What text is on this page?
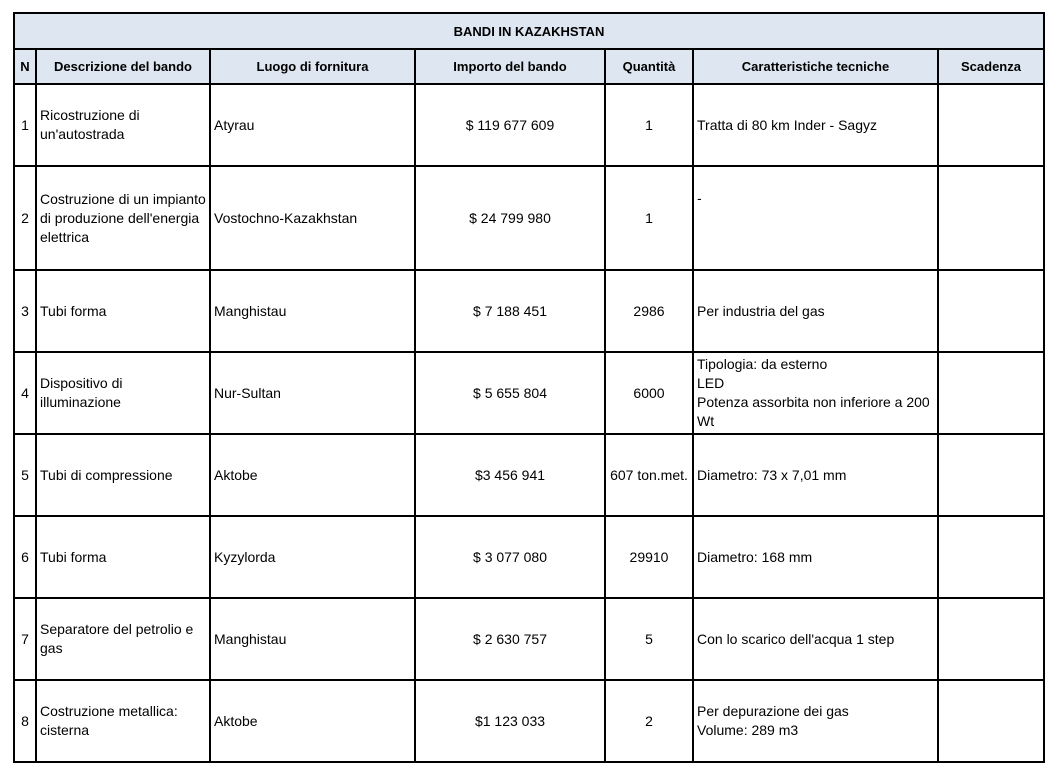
BANDI IN KAZAKHSTAN						
N	Descrizione del bando	Luogo di fornitura	Importo del bando	Quantità	Caratteristiche tecniche	Scadenza
1	Ricostruzione di un'autostrada	Atyrau	$ 119 677 609	1	Tratta di 80 km Inder - Sagyz	
2	Costruzione di un impianto di produzione dell'energia elettrica	Vostochno-Kazakhstan	$ 24 799 980	1	-	
3	Tubi forma	Manghistau	$ 7 188 451	2986	Per industria del gas	
4	Dispositivo di illuminazione	Nur-Sultan	$ 5 655 804	6000	Tipologia: da esterno
LED
Potenza assorbita non inferiore a 200 Wt	
5	Tubi di compressione	Aktobe	$3 456 941	607 ton.met.	Diametro: 73 x 7,01 mm	
6	Tubi forma	Kyzylorda	$ 3 077 080	29910	Diametro: 168 mm	
7	Separatore del petrolio e gas	Manghistau	$ 2 630 757	5	Con lo scarico dell'acqua 1 step	
8	Costruzione metallica: cisterna	Aktobe	$1 123 033	2	Per depurazione dei gas
Volume: 289 m3	
